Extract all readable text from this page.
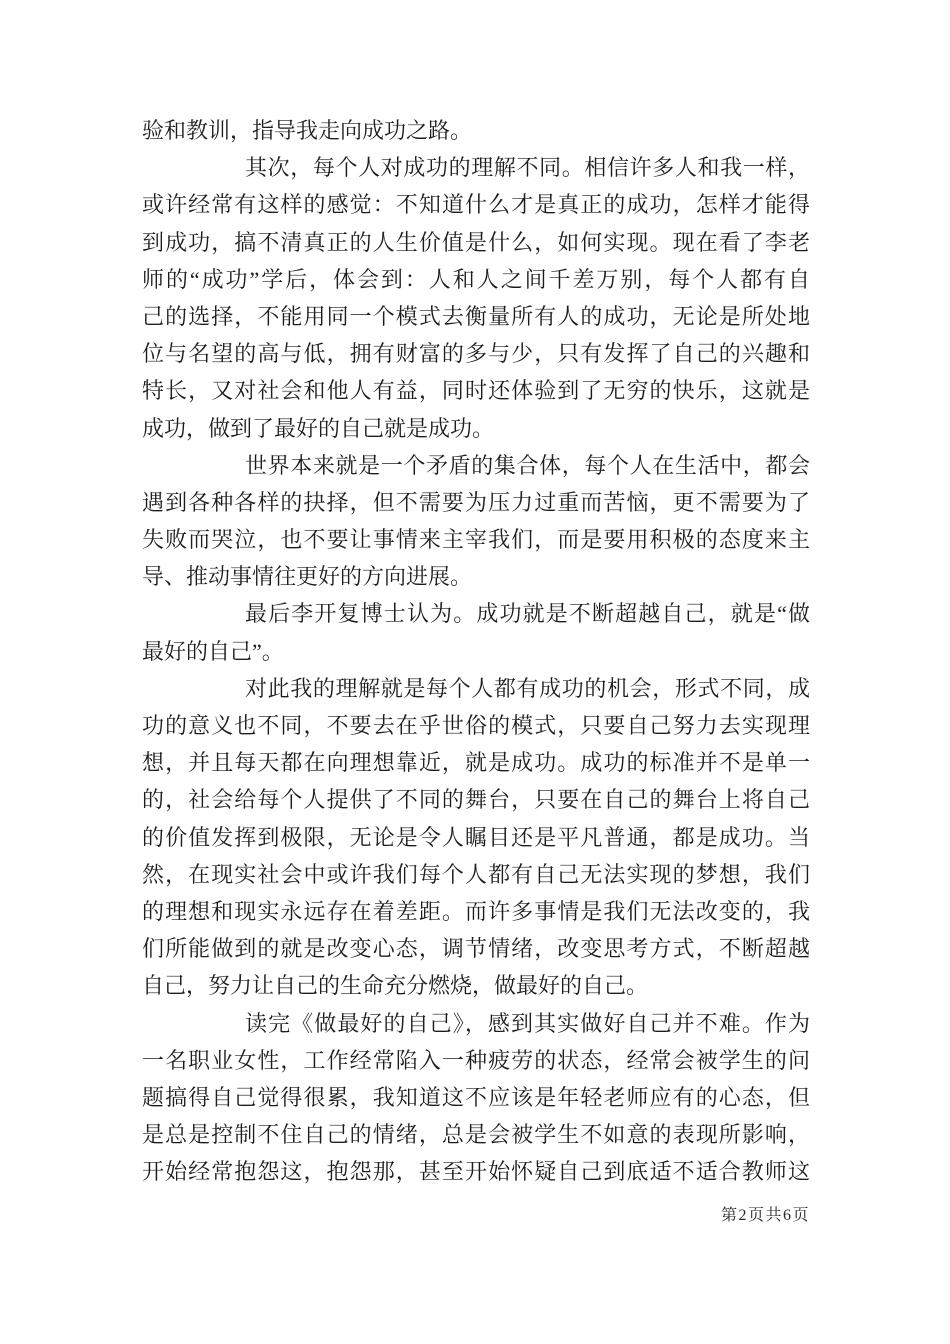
验和教训，指导我走向成功之路。
其次，每个人对成功的理解不同。相信许多人和我一样，
或许经常有这样的感觉：不知道什么才是真正的成功，怎样才能得
到成功，搞不清真正的人生价值是什么，如何实现。现在看了李老
师的“成功”学后，体会到：人和人之间千差万别，每个人都有自
己的选择，不能用同一个模式去衡量所有人的成功，无论是所处地
位与名望的高与低，拥有财富的多与少，只有发挥了自己的兴趣和
特长，又对社会和他人有益，同时还体验到了无穷的快乐，这就是
成功，做到了最好的自己就是成功。
世界本来就是一个矛盾的集合体，每个人在生活中，都会
遇到各种各样的抉择，但不需要为压力过重而苦恼，更不需要为了
失败而哭泣，也不要让事情来主宰我们，而是要用积极的态度来主
导、推动事情往更好的方向进展。
最后李开复博士认为。成功就是不断超越自己，就是“做
最好的自己”。
对此我的理解就是每个人都有成功的机会，形式不同，成
功的意义也不同，不要去在乎世俗的模式，只要自己努力去实现理
想，并且每天都在向理想靠近，就是成功。成功的标准并不是单一
的，社会给每个人提供了不同的舞台，只要在自己的舞台上将自己
的价值发挥到极限，无论是令人瞩目还是平凡普通，都是成功。当
然，在现实社会中或许我们每个人都有自己无法实现的梦想，我们
的理想和现实永远存在着差距。而许多事情是我们无法改变的，我
们所能做到的就是改变心态，调节情绪，改变思考方式，不断超越
自己，努力让自己的生命充分燃烧，做最好的自己。
读完《做最好的自己》，感到其实做好自己并不难。作为
一名职业女性，工作经常陷入一种疲劳的状态，经常会被学生的问
题搞得自己觉得很累，我知道这不应该是年轻老师应有的心态，但
是总是控制不住自己的情绪，总是会被学生不如意的表现所影响，
开始经常抱怨这，抱怨那，甚至开始怀疑自己到底适不适合教师这
第2页共6页
